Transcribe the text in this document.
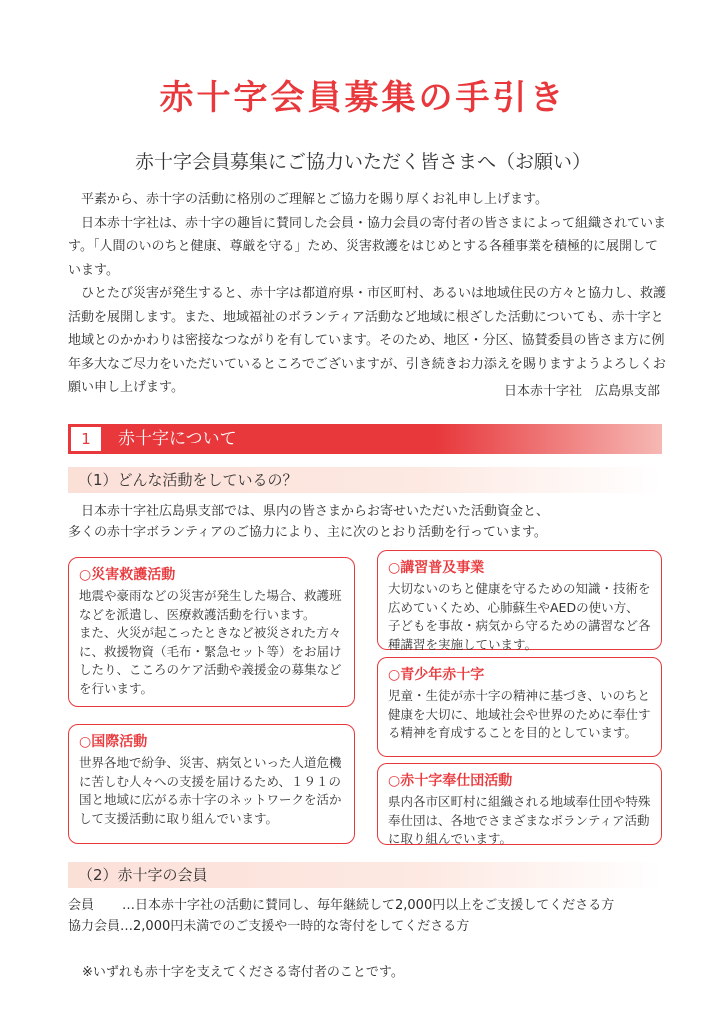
赤十字会員募集の手引き
赤十字会員募集にご協力いただく皆さまへ（お願い）

平素から、赤十字の活動に格別のご理解とご協力を賜り厚くお礼申し上げます。

日本赤十字社は、赤十字の趣旨に賛同した会員・協力会員の寄付者の皆さまによって組織されています。「人間のいのちと健康、尊厳を守る」ため、災害救護をはじめとする各種事業を積極的に展開しています。

ひとたび災害が発生すると、赤十字は都道府県・市区町村、あるいは地域住民の方々と協力し、救護活動を展開します。また、地域福祉のボランティア活動など地域に根ざした活動についても、赤十字と地域とのかかわりは密接なつながりを有しています。そのため、地区・分区、協賛委員の皆さま方に例年多大なご尽力をいただいているところでございますが、引き続きお力添えを賜りますようよろしくお願い申し上げます。	日本赤十字社　広島県支部
1	赤十字について
（1）どんな活動をしているの？

日本赤十字社広島県支部では、県内の皆さまからお寄せいただいた活動資金と、

多くの赤十字ボランティアのご協力により、主に次のとおり活動を行っています。

○災害救護活動
地震や豪雨などの災害が発生した場合、救護班などを派遣し、医療救護活動を行います。
また、火災が起こったときなど被災された方々に、救援物資（毛布・緊急セット等）をお届けしたり、こころのケア活動や義援金の募集などを行います。
○国際活動
世界各地で紛争、災害、病気といった人道危機に苦しむ人々への支援を届けるため、１９１の国と地域に広がる赤十字のネットワークを活かして支援活動に取り組んでいます。
○講習普及事業
大切ないのちと健康を守るための知識・技術を広めていくため、心肺蘇生やAEDの使い方、子どもを事故・病気から守るための講習など各種講習を実施しています。
○青少年赤十字
児童・生徒が赤十字の精神に基づき、いのちと健康を大切に、地域社会や世界のために奉仕する精神を育成することを目的としています。
○赤十字奉仕団活動
県内各市区町村に組織される地域奉仕団や特殊奉仕団は、各地でさまざまなボランティア活動に取り組んでいます。
（2）赤十字の会員
会員 …日本赤十字社の活動に賛同し、毎年継続して2,000円以上をご支援してくださる方
協力会員…2,000円未満でのご支援や一時的な寄付をしてくださる方
※いずれも赤十字を支えてくださる寄付者のことです。
